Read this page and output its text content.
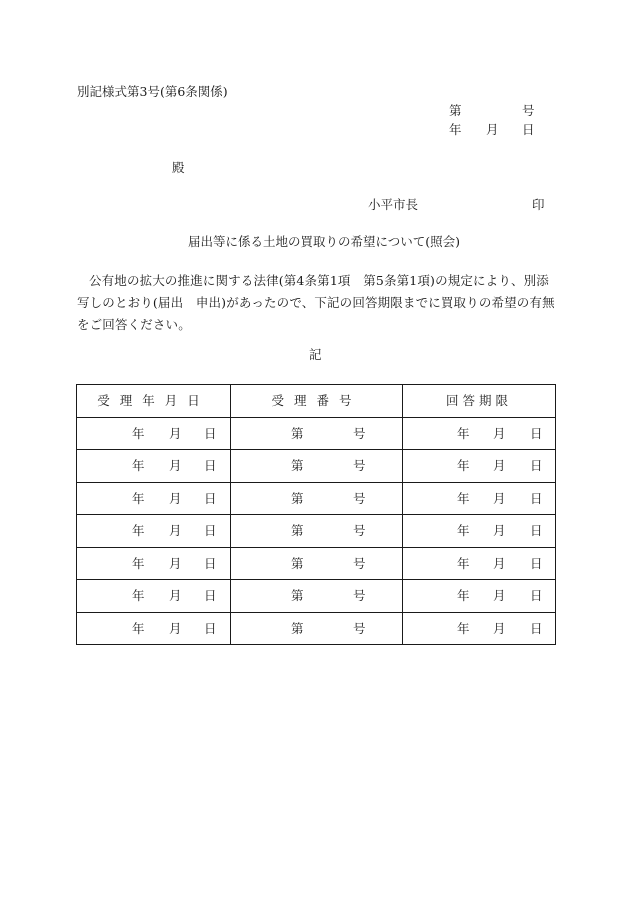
別記様式第3号(第6条関係)
第	号
年 月 日
殿
小平市長	印
届出等に係る土地の買取りの希望について(照会)
公有地の拡大の推進に関する法律(第4条第1項　第5条第1項)の規定により、別添写しのとおり(届出　申出)があったので、下記の回答期限までに買取りの希望の有無をご回答ください。
記
受理年月日	受理番号	回答期限

年 月 日	第 号	年 月 日

年 月 日	第 号	年 月 日

年 月 日	第 号	年 月 日

年 月 日	第 号	年 月 日

年 月 日	第 号	年 月 日

年 月 日	第 号	年 月 日

年 月 日	第 号	年 月 日
